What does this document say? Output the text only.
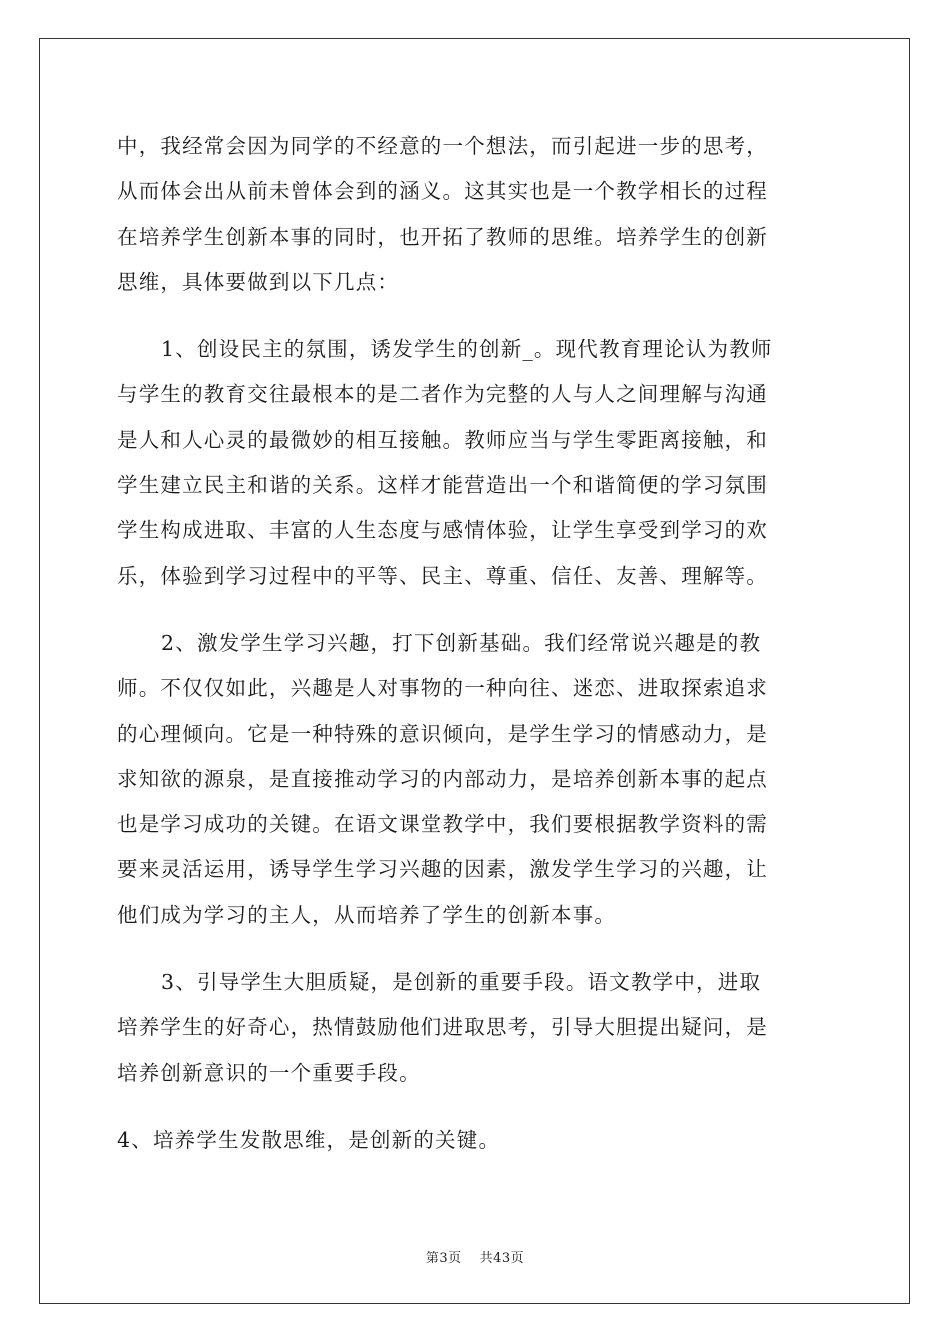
中，我经常会因为同学的不经意的一个想法，而引起进一步的思考，
从而体会出从前未曾体会到的涵义。这其实也是一个教学相长的过程
在培养学生创新本事的同时，也开拓了教师的思维。培养学生的创新
思维，具体要做到以下几点：
1、创设民主的氛围，诱发学生的创新_。现代教育理论认为教师
与学生的教育交往最根本的是二者作为完整的人与人之间理解与沟通
是人和人心灵的最微妙的相互接触。教师应当与学生零距离接触，和
学生建立民主和谐的关系。这样才能营造出一个和谐简便的学习氛围
学生构成进取、丰富的人生态度与感情体验，让学生享受到学习的欢
乐，体验到学习过程中的平等、民主、尊重、信任、友善、理解等。
2、激发学生学习兴趣，打下创新基础。我们经常说兴趣是的教
师。不仅仅如此，兴趣是人对事物的一种向往、迷恋、进取探索追求
的心理倾向。它是一种特殊的意识倾向，是学生学习的情感动力，是
求知欲的源泉，是直接推动学习的内部动力，是培养创新本事的起点
也是学习成功的关键。在语文课堂教学中，我们要根据教学资料的需
要来灵活运用，诱导学生学习兴趣的因素，激发学生学习的兴趣，让
他们成为学习的主人，从而培养了学生的创新本事。
3、引导学生大胆质疑，是创新的重要手段。语文教学中，进取
培养学生的好奇心，热情鼓励他们进取思考，引导大胆提出疑问，是
培养创新意识的一个重要手段。
4、培养学生发散思维，是创新的关键。
第3页 共43页
